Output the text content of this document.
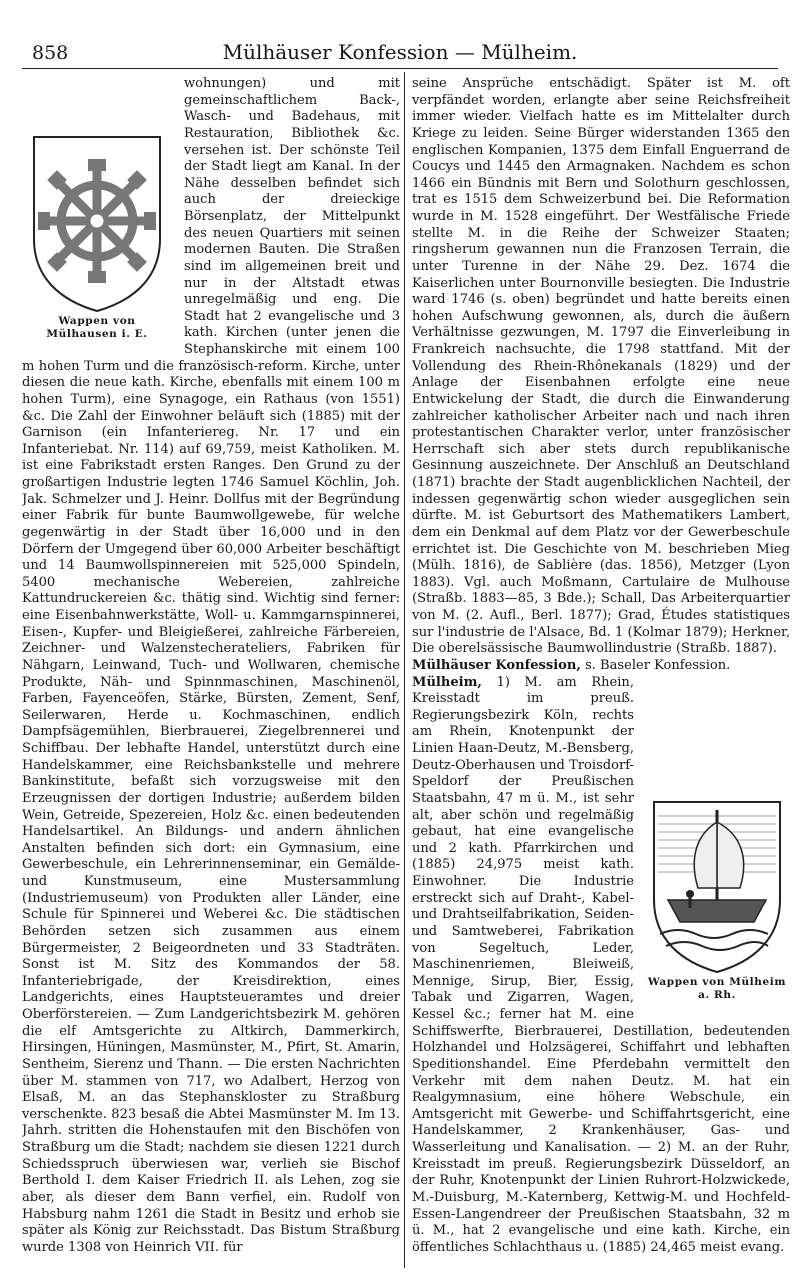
858	Mülhäuser Konfession — Mülheim.
Wappen von Mülhausen i. E.

wohnungen) und mit gemeinschaftlichem Back-, Wasch- und Badehaus, mit Restauration, Bibliothek &c. versehen ist. Der schönste Teil der Stadt liegt am Kanal. In der Nähe desselben befindet sich auch der dreieckige Börsenplatz, der Mittelpunkt des neuen Quartiers mit seinen modernen Bauten. Die Straßen sind im allgemeinen breit und nur in der Altstadt etwas unregelmäßig und eng. Die Stadt hat 2 evangelische und 3 kath. Kirchen (unter jenen die Stephanskirche mit einem 100 m hohen Turm und die französisch-reform. Kirche, unter diesen die neue kath. Kirche, ebenfalls mit einem 100 m hohen Turm), eine Synagoge, ein Rathaus (von 1551) &c. Die Zahl der Einwohner beläuft sich (1885) mit der Garnison (ein Infanteriereg. Nr. 17 und ein Infanteriebat. Nr. 114) auf 69,759, meist Katholiken. M. ist eine Fabrikstadt ersten Ranges. Den Grund zu der großartigen Industrie legten 1746 Samuel Köchlin, Joh. Jak. Schmelzer und J. Heinr. Dollfus mit der Begründung einer Fabrik für bunte Baumwollgewebe, für welche gegenwärtig in der Stadt über 16,000 und in den Dörfern der Umgegend über 60,000 Arbeiter beschäftigt und 14 Baumwollspinnereien mit 525,000 Spindeln, 5400 mechanische Webereien, zahlreiche Kattundruckereien &c. thätig sind. Wichtig sind ferner: eine Eisenbahnwerkstätte, Woll- u. Kammgarnspinnerei, Eisen-, Kupfer- und Bleigießerei, zahlreiche Färbereien, Zeichner- und Walzenstecherateliers, Fabriken für Nähgarn, Leinwand, Tuch- und Wollwaren, chemische Produkte, Näh- und Spinnmaschinen, Maschinenöl, Farben, Fayenceöfen, Stärke, Bürsten, Zement, Senf, Seilerwaren, Herde u. Kochmaschinen, endlich Dampfsägemühlen, Bierbrauerei, Ziegelbrennerei und Schiffbau. Der lebhafte Handel, unterstützt durch eine Handelskammer, eine Reichsbankstelle und mehrere Bankinstitute, befaßt sich vorzugsweise mit den Erzeugnissen der dortigen Industrie; außerdem bilden Wein, Getreide, Spezereien, Holz &c. einen bedeutenden Handelsartikel. An Bildungs- und andern ähnlichen Anstalten befinden sich dort: ein Gymnasium, eine Gewerbeschule, ein Lehrerinnenseminar, ein Gemälde- und Kunstmuseum, eine Mustersammlung (Industriemuseum) von Produkten aller Länder, eine Schule für Spinnerei und Weberei &c. Die städtischen Behörden setzen sich zusammen aus einem Bürgermeister, 2 Beigeordneten und 33 Stadträten. Sonst ist M. Sitz des Kommandos der 58. Infanteriebrigade, der Kreisdirektion, eines Landgerichts, eines Hauptsteueramtes und dreier Oberförstereien. — Zum Landgerichtsbezirk M. gehören die elf Amtsgerichte zu Altkirch, Dammerkirch, Hirsingen, Hüningen, Masmünster, M., Pfirt, St. Amarin, Sentheim, Sierenz und Thann. — Die ersten Nachrichten über M. stammen von 717, wo Adalbert, Herzog von Elsaß, M. an das Stephanskloster zu Straßburg verschenkte. 823 besaß die Abtei Masmünster M. Im 13. Jahrh. stritten die Hohenstaufen mit den Bischöfen von Straßburg um die Stadt; nachdem sie diesen 1221 durch Schiedsspruch überwiesen war, verlieh sie Bischof Berthold I. dem Kaiser Friedrich II. als Lehen, zog sie aber, als dieser dem Bann verfiel, ein. Rudolf von Habsburg nahm 1261 die Stadt in Besitz und erhob sie später als König zur Reichsstadt. Das Bistum Straßburg wurde 1308 von Heinrich VII. für

seine Ansprüche entschädigt. Später ist M. oft verpfändet worden, erlangte aber seine Reichsfreiheit immer wieder. Vielfach hatte es im Mittelalter durch Kriege zu leiden. Seine Bürger widerstanden 1365 den englischen Kompanien, 1375 dem Einfall Enguerrand de Coucys und 1445 den Armagnaken. Nachdem es schon 1466 ein Bündnis mit Bern und Solothurn geschlossen, trat es 1515 dem Schweizerbund bei. Die Reformation wurde in M. 1528 eingeführt. Der Westfälische Friede stellte M. in die Reihe der Schweizer Staaten; ringsherum gewannen nun die Franzosen Terrain, die unter Turenne in der Nähe 29. Dez. 1674 die Kaiserlichen unter Bournonville besiegten. Die Industrie ward 1746 (s. oben) begründet und hatte bereits einen hohen Aufschwung gewonnen, als, durch die äußern Verhältnisse gezwungen, M. 1797 die Einverleibung in Frankreich nachsuchte, die 1798 stattfand. Mit der Vollendung des Rhein-Rhônekanals (1829) und der Anlage der Eisenbahnen erfolgte eine neue Entwickelung der Stadt, die durch die Einwanderung zahlreicher katholischer Arbeiter nach und nach ihren protestantischen Charakter verlor, unter französischer Herrschaft sich aber stets durch republikanische Gesinnung auszeichnete. Der Anschluß an Deutschland (1871) brachte der Stadt augenblicklichen Nachteil, der indessen gegenwärtig schon wieder ausgeglichen sein dürfte. M. ist Geburtsort des Mathematikers Lambert, dem ein Denkmal auf dem Platz vor der Gewerbeschule errichtet ist. Die Geschichte von M. beschrieben Mieg (Mülh. 1816), de Sablière (das. 1856), Metzger (Lyon 1883). Vgl. auch Moßmann, Cartulaire de Mulhouse (Straßb. 1883—85, 3 Bde.); Schall, Das Arbeiterquartier von M. (2. Aufl., Berl. 1877); Grad, Études statistiques sur l'industrie de l'Alsace, Bd. 1 (Kolmar 1879); Herkner, Die oberelsässische Baumwollindustrie (Straßb. 1887).

Mülhäuser Konfession, s. Baseler Konfession.

Wappen von Mülheim a. Rh.

Mülheim, 1) M. am Rhein, Kreisstadt im preuß. Regierungsbezirk Köln, rechts am Rhein, Knotenpunkt der Linien Haan-Deutz, M.-Bensberg, Deutz-Oberhausen und Troisdorf-Speldorf der Preußischen Staatsbahn, 47 m ü. M., ist sehr alt, aber schön und regelmäßig gebaut, hat eine evangelische und 2 kath. Pfarrkirchen und (1885) 24,975 meist kath. Einwohner. Die Industrie erstreckt sich auf Draht-, Kabel- und Drahtseilfabrikation, Seiden- und Samtweberei, Fabrikation von Segeltuch, Leder, Maschinenriemen, Bleiweiß, Mennige, Sirup, Bier, Essig, Tabak und Zigarren, Wagen, Kessel &c.; ferner hat M. eine Schiffswerfte, Bierbrauerei, Destillation, bedeutenden Holzhandel und Holzsägerei, Schiffahrt und lebhaften Speditionshandel. Eine Pferdebahn vermittelt den Verkehr mit dem nahen Deutz. M. hat ein Realgymnasium, eine höhere Webschule, ein Amtsgericht mit Gewerbe- und Schiffahrtsgericht, eine Handelskammer, 2 Krankenhäuser, Gas- und Wasserleitung und Kanalisation. — 2) M. an der Ruhr, Kreisstadt im preuß. Regierungsbezirk Düsseldorf, an der Ruhr, Knotenpunkt der Linien Ruhrort-Holzwickede, M.-Duisburg, M.-Katernberg, Kettwig-M. und Hochfeld-Essen-Langendreer der Preußischen Staatsbahn, 32 m ü. M., hat 2 evangelische und eine kath. Kirche, ein öffentliches Schlachthaus u. (1885) 24,465 meist evang.
